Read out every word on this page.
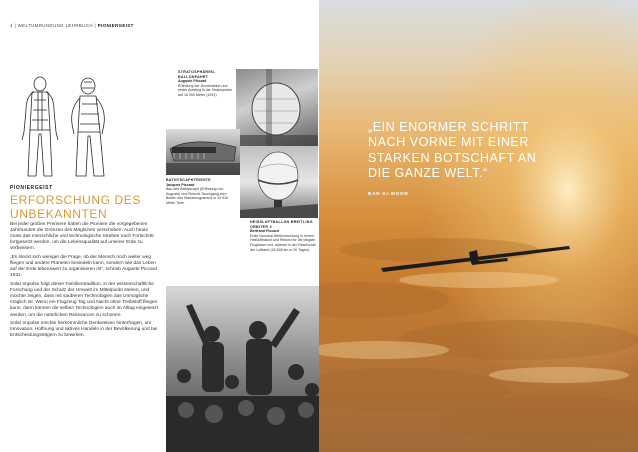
4 | WELTUMRUNDUNG LEHRBUCH | PIONIERGEIST
STRATOSPHÄREN-BALLONFAHRT
Auguste Piccard
Erfindung der Druckkabine und erster Aufstieg in die Stratosphäre auf 16 000 Meter (1931).
BATHYSCAPHTRIESTE
Jacques Piccard
Bau des Bathyscaph (Erfindung von Auguste) und Rekord-Tauchgang zum Boden des Marianengrabens in 10 916 Meter Tiefe.
HEISSLUFTBALLON BREITLING ORBITER 3
Bertrand Piccard
Erste Nonstop-Weltumrundung in einem Heißluftballon und Rekord für die längste Flugdauer und -strecke in der Geschichte der Luftfahrt (45 646 km in 20 Tagen).
PIONIERGEIST
ERFORSCHUNG DES
UNBEKANNTEN

Bei jeder großen Premiere haben die Pioniere die vorgegebenen Jahrhundert die Grenzen des Möglichen verschoben. Auch heute muss das menschliche und technologische Streben nach Fortschritt fortgesetzt werden, um die Lebensqualität auf unserer Erde zu verbessern.

„Es steckt sich weniger die Frage, ob der Mensch noch weiter weg fliegen und andere Planeten besiedeln kann, sondern wie das Leben auf der Erde lebenswert zu organisieren ist“, schrieb Auguste Piccard 1931.

Solar Impulse folgt dieser Familientradition, in der wissenschaftliche Forschung und der Schutz der Umwelt im Mittelpunkt stehen, und möchte zeigen, dass mit sauberen Technologien das Unmögliche möglich ist. Wenn ein Flugzeug Tag und Nacht ohne Treibstoff fliegen kann, dann können die selben Technologien auch im Alltag eingesetzt werden, um die natürlichen Ressourcen zu schonen.

Solar Impulse möchte herkömmliche Denkweisen hinterfragen, um Innovation, Hoffnung und aktives Handeln in der Bevölkerung und bei Entscheidungsträgern zu bewirken.

„EIN ENORMER SCHRITT
NACH VORNE MIT EINER
STARKEN BOTSCHAFT AN
DIE GANZE WELT.“
BAN KI-MOON
